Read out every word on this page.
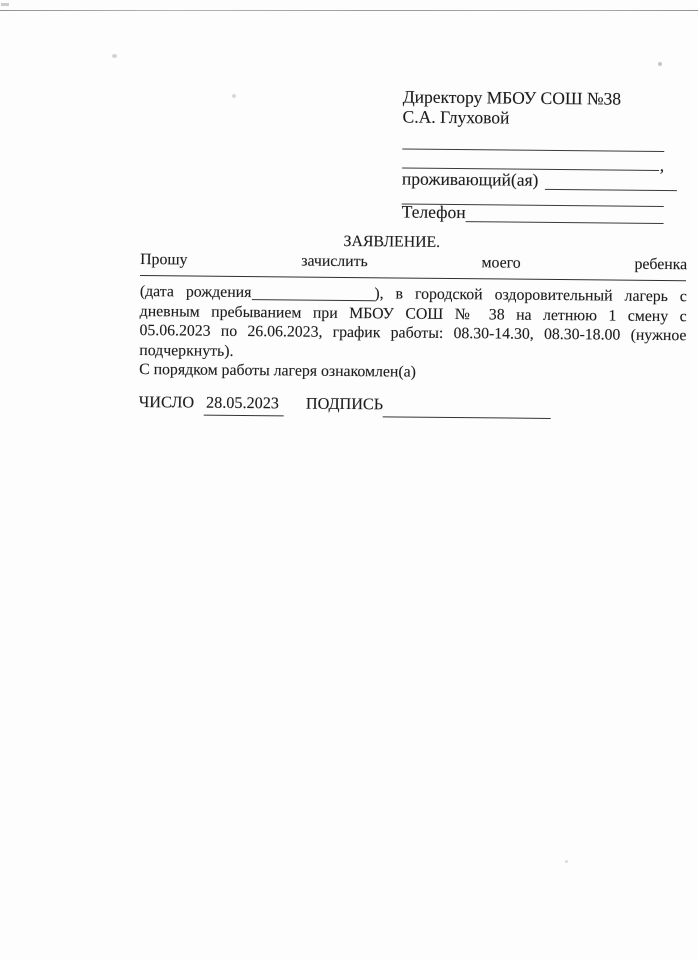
Директору МБОУ СОШ №38
С.А. Глуховой
,
проживающий(ая)
Телефон
ЗАЯВЛЕНИЕ.
Прошу зачислить моего ребенка
(дата рождения	), в городской оздоровительный лагерь с
дневным пребыванием при МБОУ СОШ № 38 на летнюю 1 смену с
05.06.2023 по 26.06.2023, график работы: 08.30-14.30, 08.30-18.00 (нужное
подчеркнуть).
С порядком работы лагеря ознакомлен(а)
ЧИСЛО 28.05.2023	ПОДПИСЬ
